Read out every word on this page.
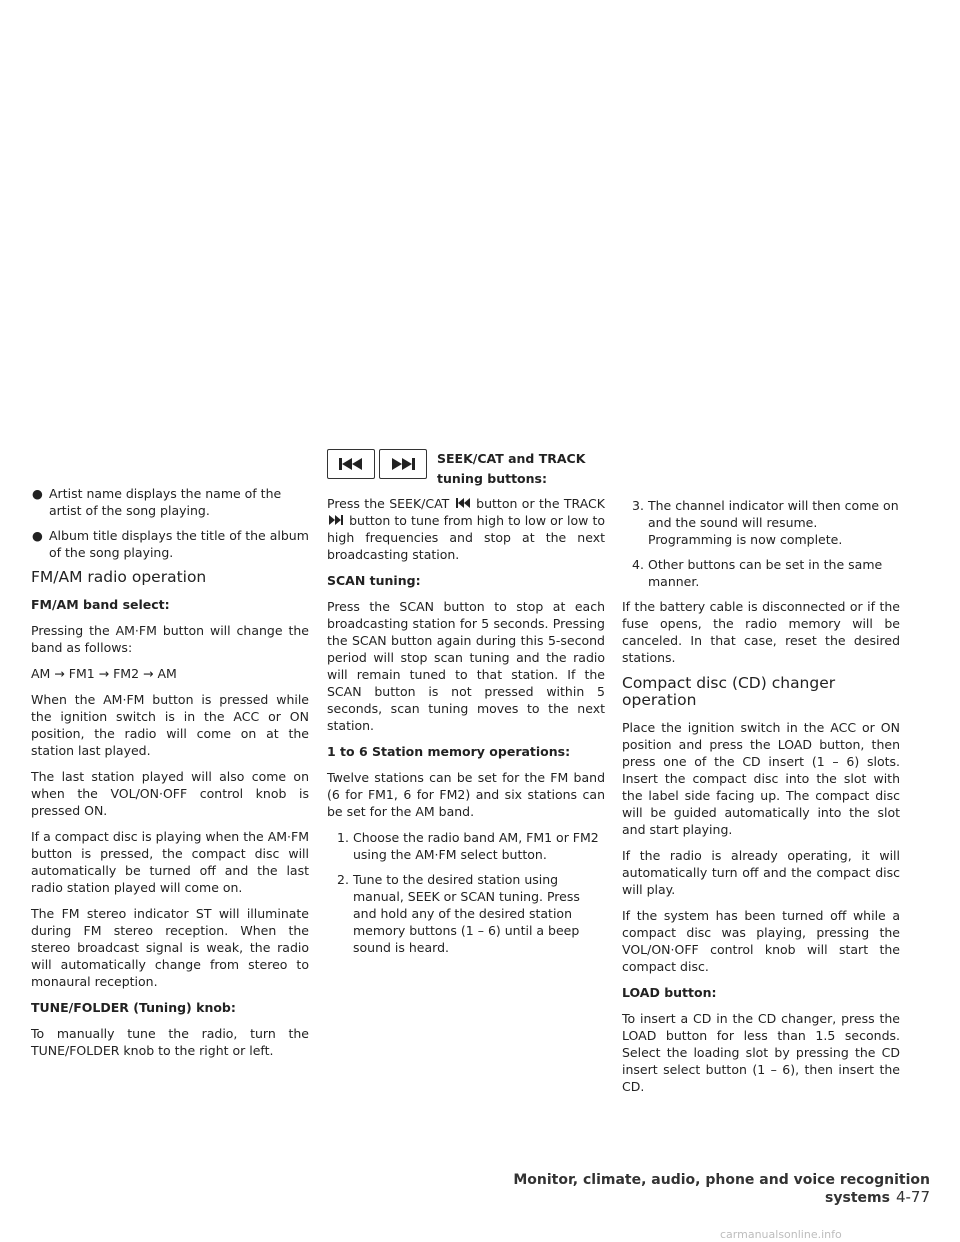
● Artist name displays the name of the artist of the song playing.
● Album title displays the title of the album of the song playing.
FM/AM radio operation

FM/AM band select:

Pressing the AM·FM button will change the band as follows:

AM → FM1 → FM2 → AM

When the AM·FM button is pressed while the ignition switch is in the ACC or ON position, the radio will come on at the station last played.

The last station played will also come on when the VOL/ON·OFF control knob is pressed ON.

If a compact disc is playing when the AM·FM button is pressed, the compact disc will automatically be turned off and the last radio station played will come on.

The FM stereo indicator ST will illuminate during FM stereo reception. When the stereo broadcast signal is weak, the radio will automatically change from stereo to monaural reception.

TUNE/FOLDER (Tuning) knob:

To manually tune the radio, turn the TUNE/FOLDER knob to the right or left.

SEEK/CAT and TRACK
tuning buttons:

Press the SEEK/CAT button or the TRACK  button to tune from high to low or low to high frequencies and stop at the next broadcasting station.

SCAN tuning:

Press the SCAN button to stop at each broadcasting station for 5 seconds. Pressing the SCAN button again during this 5-second period will stop scan tuning and the radio will remain tuned to that station. If the SCAN button is not pressed within 5 seconds, scan tuning moves to the next station.

1 to 6 Station memory operations:

Twelve stations can be set for the FM band (6 for FM1, 6 for FM2) and six stations can be set for the AM band.

1. Choose the radio band AM, FM1 or FM2 using the AM·FM select button.
2. Tune to the desired station using manual, SEEK or SCAN tuning. Press and hold any of the desired station memory buttons (1 – 6) until a beep sound is heard.
3. The channel indicator will then come on and the sound will resume. Programming is now complete.
4. Other buttons can be set in the same manner.

If the battery cable is disconnected or if the fuse opens, the radio memory will be canceled. In that case, reset the desired stations.

Compact disc (CD) changer operation

Place the ignition switch in the ACC or ON position and press the LOAD button, then press one of the CD insert (1 – 6) slots. Insert the compact disc into the slot with the label side facing up. The compact disc will be guided automatically into the slot and start playing.

If the radio is already operating, it will automatically turn off and the compact disc will play.

If the system has been turned off while a compact disc was playing, pressing the VOL/ON·OFF control knob will start the compact disc.

LOAD button:

To insert a CD in the CD changer, press the LOAD button for less than 1.5 seconds. Select the loading slot by pressing the CD insert select button (1 – 6), then insert the CD.

Monitor, climate, audio, phone and voice recognition systems 4-77
carmanualsonline.info
